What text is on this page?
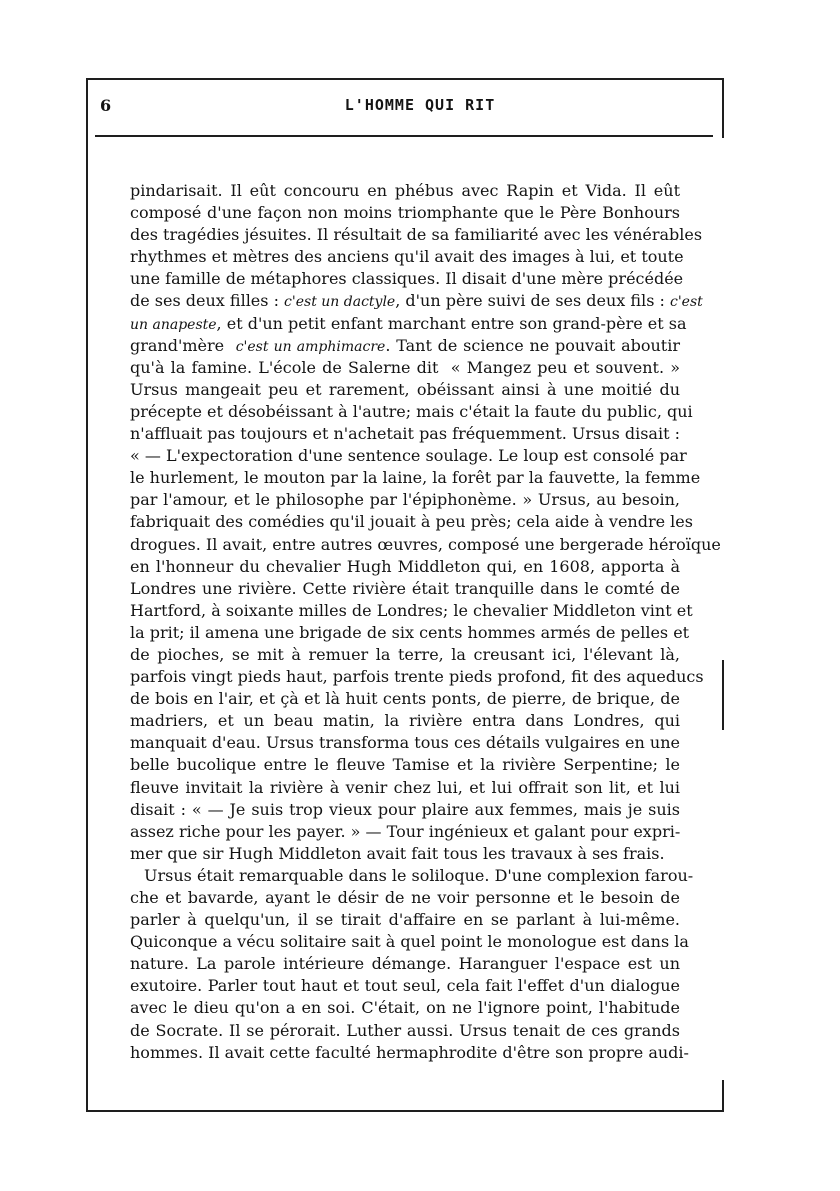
6	L'HOMME QUI RIT
pindarisait. Il eût concouru en phébus avec Rapin et Vida. Il eût
composé d'une façon non moins triomphante que le Père Bonhours
des tragédies jésuites. Il résultait de sa familiarité avec les vénérables
rhythmes et mètres des anciens qu'il avait des images à lui, et toute
une famille de métaphores classiques. Il disait d'une mère précédée
de ses deux filles : c'est un dactyle, d'un père suivi de ses deux fils : c'est
un anapeste, et d'un petit enfant marchant entre son grand-père et sa
grand'mère  c'est un amphimacre. Tant de science ne pouvait aboutir
qu'à la famine. L'école de Salerne dit  « Mangez peu et souvent. »
Ursus mangeait peu et rarement, obéissant ainsi à une moitié du
précepte et désobéissant à l'autre; mais c'était la faute du public, qui
n'affluait pas toujours et n'achetait pas fréquemment. Ursus disait :
« — L'expectoration d'une sentence soulage. Le loup est consolé par
le hurlement, le mouton par la laine, la forêt par la fauvette, la femme
par l'amour, et le philosophe par l'épiphonème. » Ursus, au besoin,
fabriquait des comédies qu'il jouait à peu près; cela aide à vendre les
drogues. Il avait, entre autres œuvres, composé une bergerade héroïque
en l'honneur du chevalier Hugh Middleton qui, en 1608, apporta à
Londres une rivière. Cette rivière était tranquille dans le comté de
Hartford, à soixante milles de Londres; le chevalier Middleton vint et
la prit; il amena une brigade de six cents hommes armés de pelles et
de pioches, se mit à remuer la terre, la creusant ici, l'élevant là,
parfois vingt pieds haut, parfois trente pieds profond, fit des aqueducs
de bois en l'air, et çà et là huit cents ponts, de pierre, de brique, de
madriers, et un beau matin, la rivière entra dans Londres, qui
manquait d'eau. Ursus transforma tous ces détails vulgaires en une
belle bucolique entre le fleuve Tamise et la rivière Serpentine; le
fleuve invitait la rivière à venir chez lui, et lui offrait son lit, et lui
disait : « — Je suis trop vieux pour plaire aux femmes, mais je suis
assez riche pour les payer. » — Tour ingénieux et galant pour expri-
mer que sir Hugh Middleton avait fait tous les travaux à ses frais.
Ursus était remarquable dans le soliloque. D'une complexion farou-
che et bavarde, ayant le désir de ne voir personne et le besoin de
parler à quelqu'un, il se tirait d'affaire en se parlant à lui-même.
Quiconque a vécu solitaire sait à quel point le monologue est dans la
nature. La parole intérieure démange. Haranguer l'espace est un
exutoire. Parler tout haut et tout seul, cela fait l'effet d'un dialogue
avec le dieu qu'on a en soi. C'était, on ne l'ignore point, l'habitude
de Socrate. Il se pérorait. Luther aussi. Ursus tenait de ces grands
hommes. Il avait cette faculté hermaphrodite d'être son propre audi-
